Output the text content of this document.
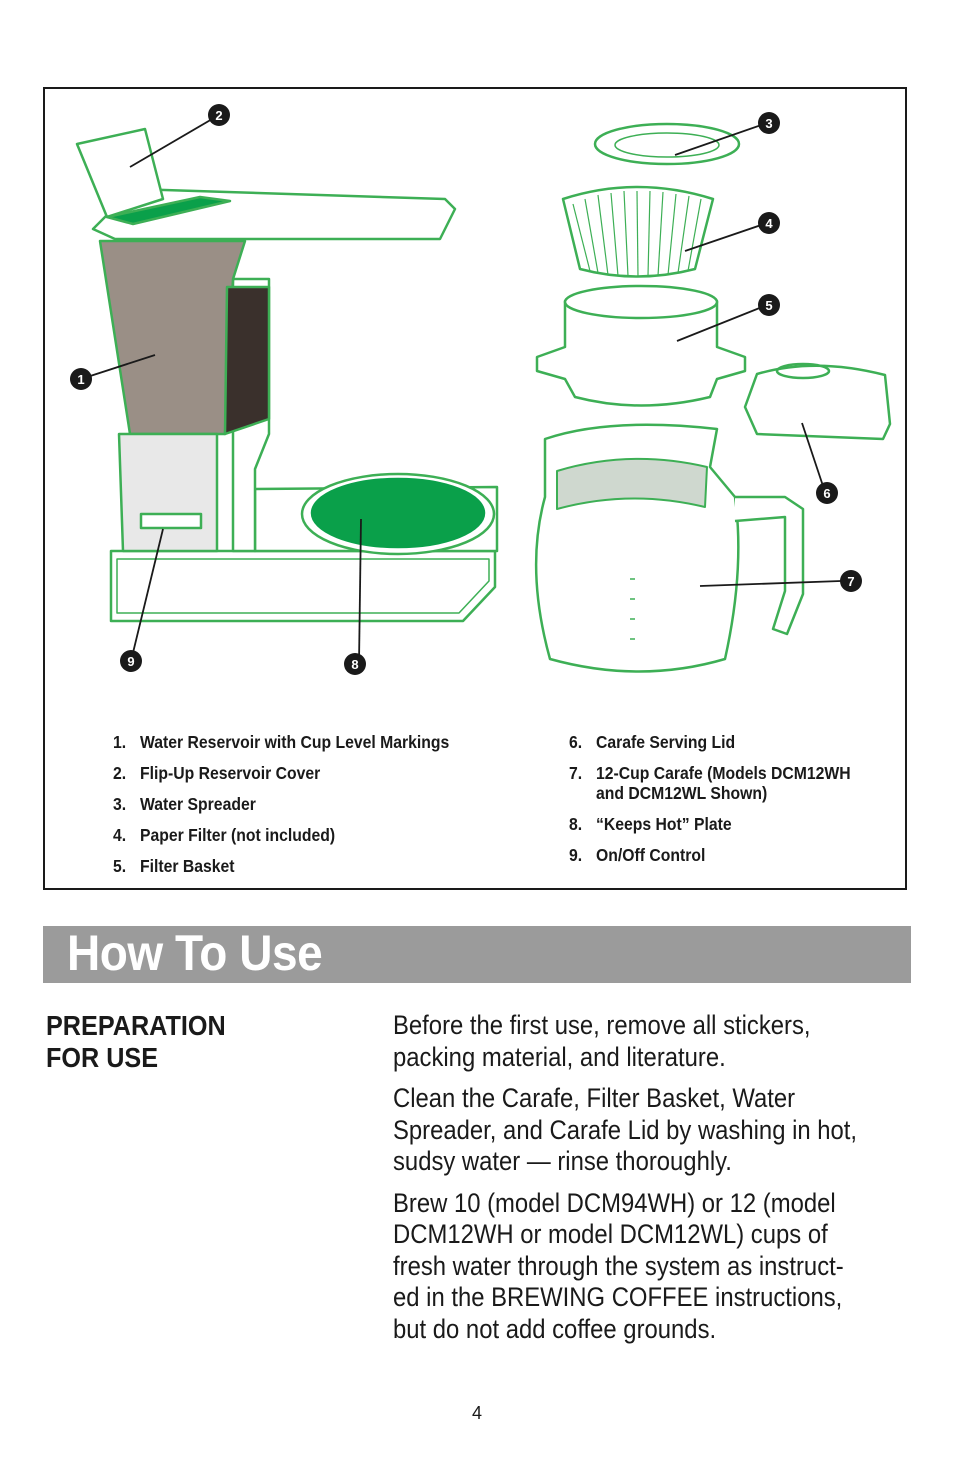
1
2
3
4
5
6
7
8
9
1. Water Reservoir with Cup Level Markings
2. Flip-Up Reservoir Cover
3. Water Spreader
4. Paper Filter (not included)
5. Filter Basket
6. Carafe Serving Lid
7. 12-Cup Carafe (Models DCM12WH
and DCM12WL Shown)
8. “Keeps Hot” Plate
9. On/Off Control
How To Use
PREPARATION
FOR USE

Before the first use, remove all stickers,
packing material, and literature.

Clean the Carafe, Filter Basket, Water
Spreader, and Carafe Lid by washing in hot,
sudsy water — rinse thoroughly.

Brew 10 (model DCM94WH) or 12 (model
DCM12WH or model DCM12WL) cups of
fresh water through the system as instruct-
ed in the BREWING COFFEE instructions,
but do not add coffee grounds.

4
